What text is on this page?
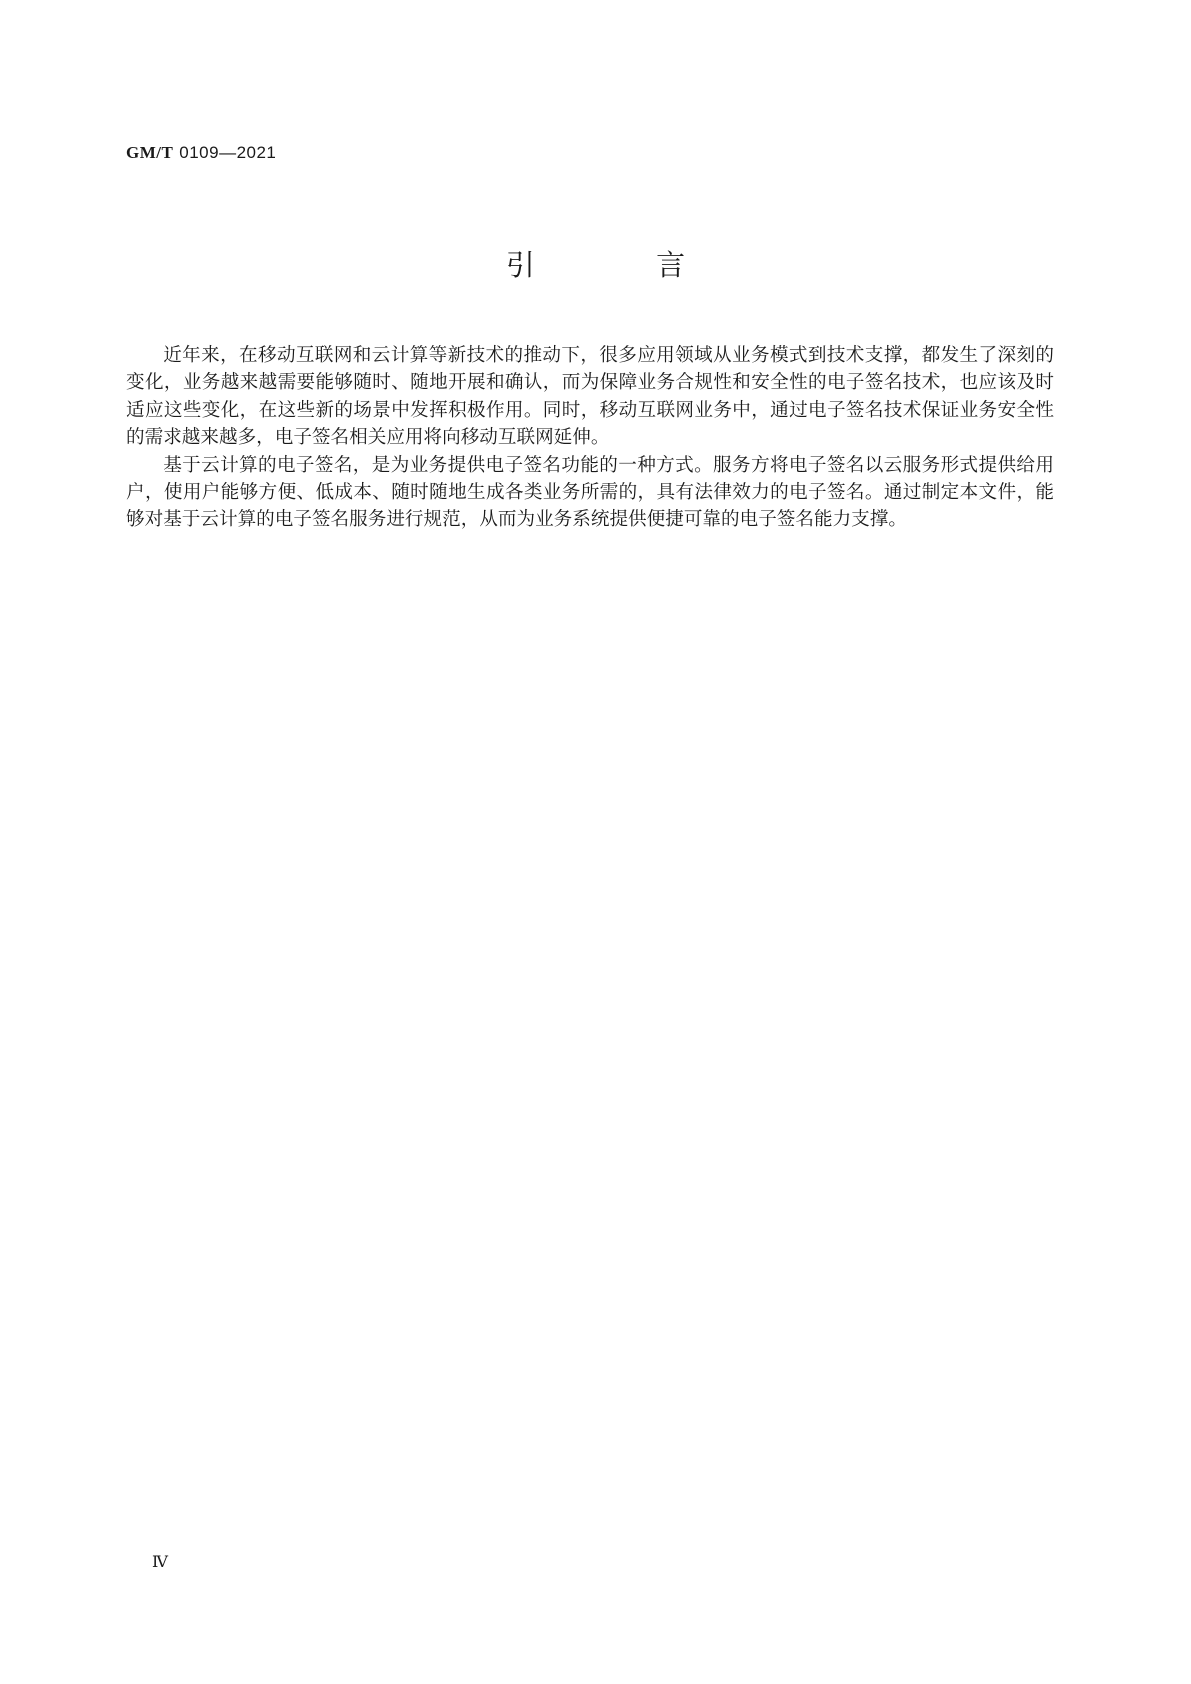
GM/T 0109—2021
引 言

近年来，在移动互联网和云计算等新技术的推动下，很多应用领域从业务模式到技术支撑，都发生了深刻的变化，业务越来越需要能够随时、随地开展和确认，而为保障业务合规性和安全性的电子签名技术，也应该及时适应这些变化，在这些新的场景中发挥积极作用。同时，移动互联网业务中，通过电子签名技术保证业务安全性的需求越来越多，电子签名相关应用将向移动互联网延伸。

基于云计算的电子签名，是为业务提供电子签名功能的一种方式。服务方将电子签名以云服务形式提供给用户，使用户能够方便、低成本、随时随地生成各类业务所需的，具有法律效力的电子签名。通过制定本文件，能够对基于云计算的电子签名服务进行规范，从而为业务系统提供便捷可靠的电子签名能力支撑。

Ⅳ
